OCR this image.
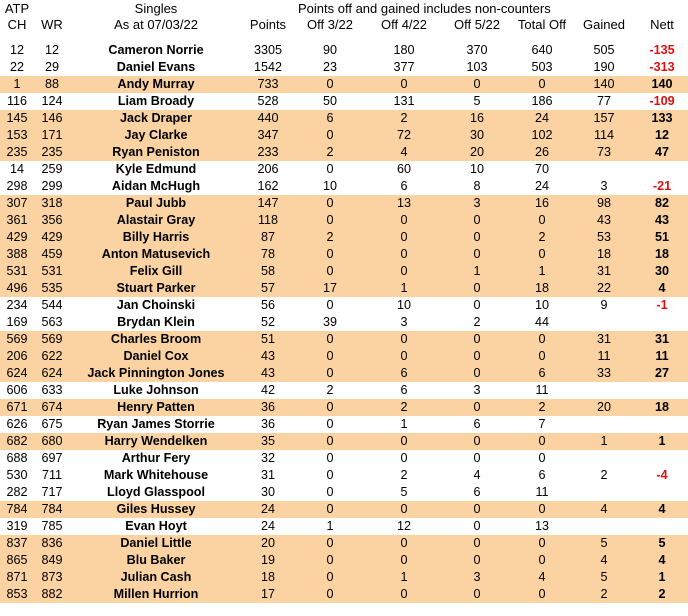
ATP		Singles		Points off and gained includes non-counters					
CH	WR	As at 07/03/22	Points	Off 3/22	Off 4/22	Off 5/22	Total Off	Gained	Nett

12	12	Cameron Norrie	3305	90	180	370	640	505	-135
22	29	Daniel Evans	1542	23	377	103	503	190	-313
1	88	Andy Murray	733	0	0	0	0	140	140
116	124	Liam Broady	528	50	131	5	186	77	-109
145	146	Jack Draper	440	6	2	16	24	157	133
153	171	Jay Clarke	347	0	72	30	102	114	12
235	235	Ryan Peniston	233	2	4	20	26	73	47
14	259	Kyle Edmund	206	0	60	10	70		
298	299	Aidan McHugh	162	10	6	8	24	3	-21
307	318	Paul Jubb	147	0	13	3	16	98	82
361	356	Alastair Gray	118	0	0	0	0	43	43
429	429	Billy Harris	87	2	0	0	2	53	51
388	459	Anton Matusevich	78	0	0	0	0	18	18
531	531	Felix Gill	58	0	0	1	1	31	30
496	535	Stuart Parker	57	17	1	0	18	22	4
234	544	Jan Choinski	56	0	10	0	10	9	-1
169	563	Brydan Klein	52	39	3	2	44		
569	569	Charles Broom	51	0	0	0	0	31	31
206	622	Daniel Cox	43	0	0	0	0	11	11
624	624	Jack Pinnington Jones	43	0	6	0	6	33	27
606	633	Luke Johnson	42	2	6	3	11		
671	674	Henry Patten	36	0	2	0	2	20	18
626	675	Ryan James Storrie	36	0	1	6	7		
682	680	Harry Wendelken	35	0	0	0	0	1	1
688	697	Arthur Fery	32	0	0	0	0		
530	711	Mark Whitehouse	31	0	2	4	6	2	-4
282	717	Lloyd Glasspool	30	0	5	6	11		
784	784	Giles Hussey	24	0	0	0	0	4	4
319	785	Evan Hoyt	24	1	12	0	13		
837	836	Daniel Little	20	0	0	0	0	5	5
865	849	Blu Baker	19	0	0	0	0	4	4
871	873	Julian Cash	18	0	1	3	4	5	1
853	882	Millen Hurrion	17	0	0	0	0	2	2
